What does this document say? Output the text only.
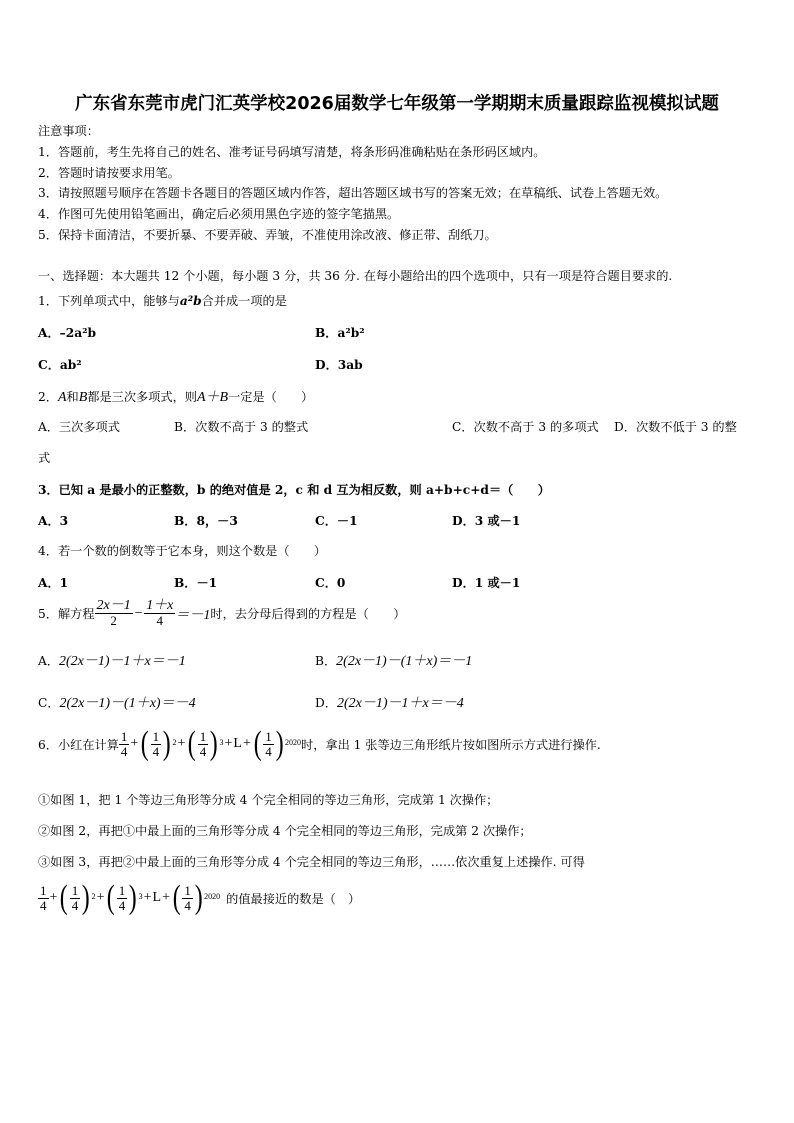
广东省东莞市虎门汇英学校2026届数学七年级第一学期期末质量跟踪监视模拟试题
注意事项：
1．答题前，考生先将自己的姓名、准考证号码填写清楚，将条形码准确粘贴在条形码区域内。
2．答题时请按要求用笔。
3．请按照题号顺序在答题卡各题目的答题区域内作答，超出答题区域书写的答案无效；在草稿纸、试卷上答题无效。
4．作图可先使用铅笔画出，确定后必须用黑色字迹的签字笔描黑。
5．保持卡面清洁，不要折暴、不要弄破、弄皱，不准使用涂改液、修正带、刮纸刀。
一、选择题：本大题共 12 个小题，每小题 3 分，共 36 分. 在每小题给出的四个选项中，只有一项是符合题目要求的.
1．下列单项式中，能够与a²b合并成一项的是
A．–2a²b	B．a²b²
C．ab²	D．3ab
2．A和B都是三次多项式，则A＋B一定是（　　）
A．三次多项式	B．次数不高于 3 的整式	C．次数不高于 3 的多项式 D．次数不低于 3 的整
式
3．已知 a 是最小的正整数，b 的绝对值是 2，c 和 d 互为相反数，则 a+b+c+d＝（　　）
A．3	B．8，－3	C．－1	D．3 或－1
4．若一个数的倒数等于它本身，则这个数是（　　）
A．1	B．－1	C．0	D．1 或－1
5．解方程 $\frac{2x-1}{2} - \frac{1+x}{4} =-1$ 时，去分母后得到的方程是（　　）
A．2(2x－1)－1＋x＝－1	B．2(2x－1)－(1＋x)＝－1
C．2(2x－1)－(1＋x)＝－4	D．2(2x－1)－1＋x＝－4
6．小红在计算 $\frac{1}{4}$ + ( $\frac{1}{4}$ ) 2 + ( $\frac{1}{4}$ ) 3 + L + ( $\frac{1}{4}$ ) 2020 时，拿出 1 张等边三角形纸片按如图所示方式进行操作.
①如图 1，把 1 个等边三角形等分成 4 个完全相同的等边三角形，完成第 1 次操作；
②如图 2，再把①中最上面的三角形等分成 4 个完全相同的等边三角形，完成第 2 次操作；
③如图 3，再把②中最上面的三角形等分成 4 个完全相同的等边三角形，……依次重复上述操作. 可得
$\frac{1}{4}$ + ( $\frac{1}{4}$ ) 2 + ( $\frac{1}{4}$ ) 3 + L + ( $\frac{1}{4}$ ) 2020 的值最接近的数是（　）
